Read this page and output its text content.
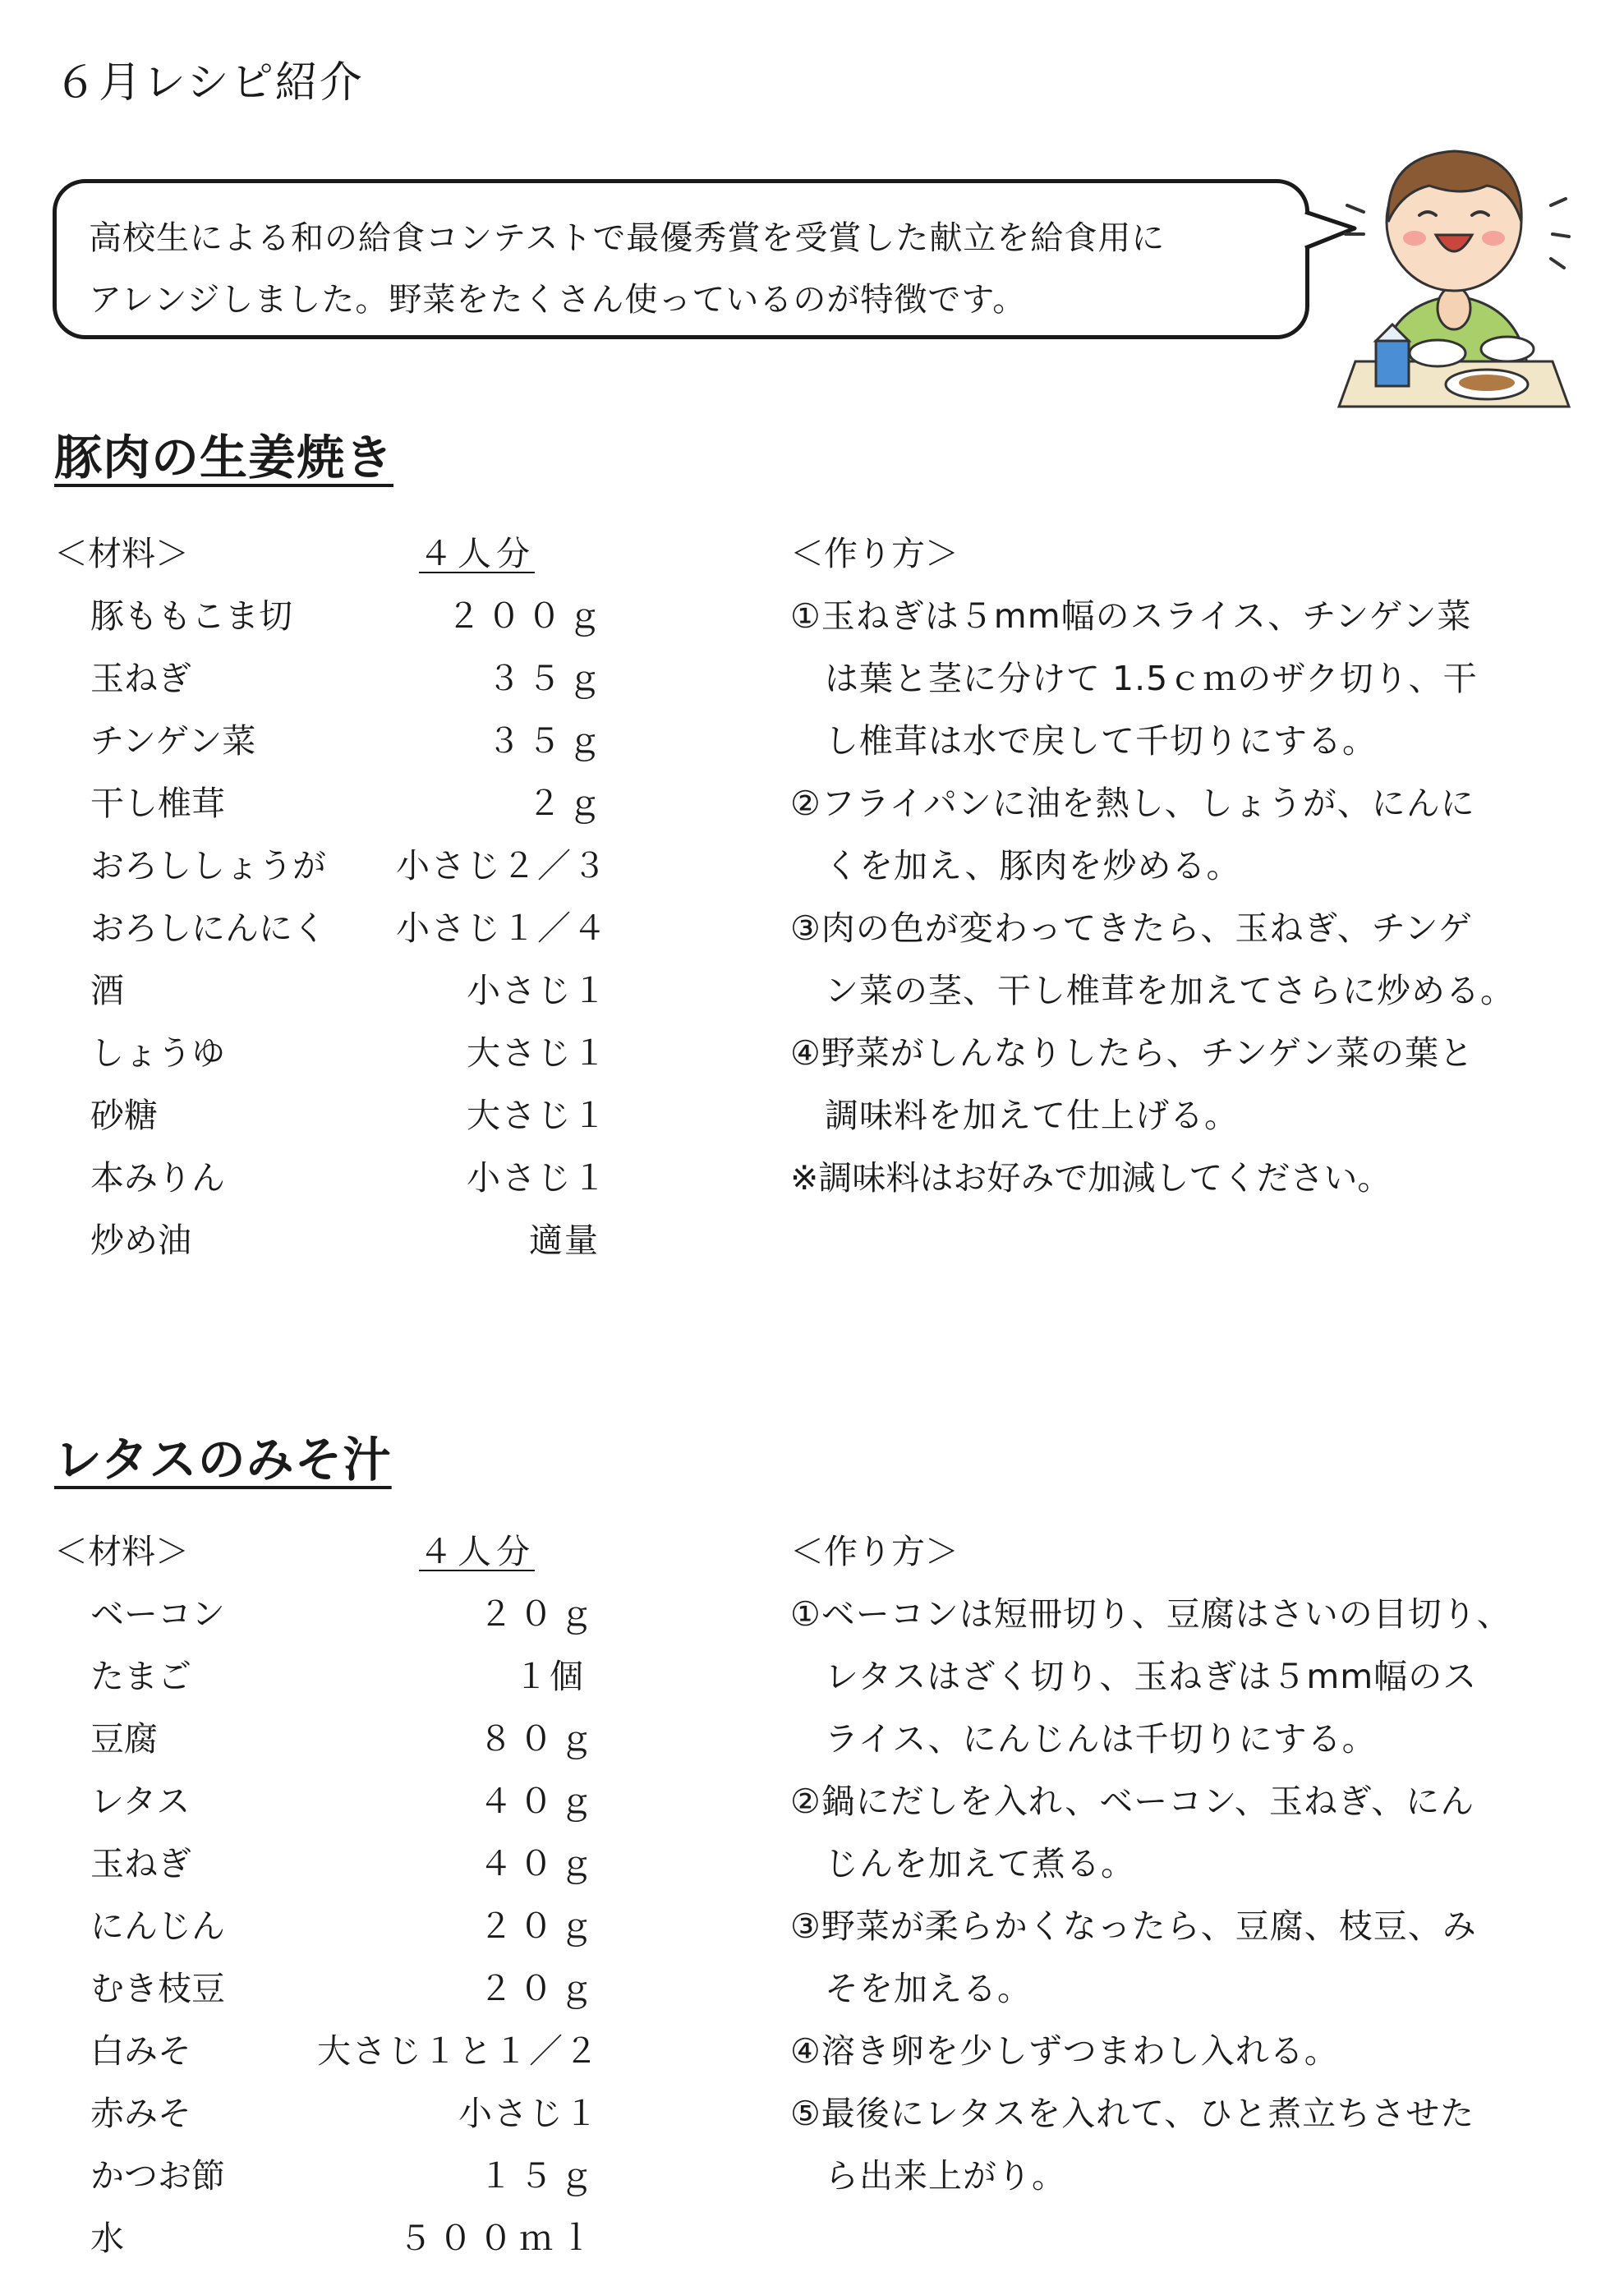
６月レシピ紹介
高校生による和の給食コンテストで最優秀賞を受賞した献立を給食用に
アレンジしました。野菜をたくさん使っているのが特徴です。
豚肉の生姜焼き
＜材料＞	４人分	＜作り方＞
豚ももこま切	２００ｇ
玉ねぎ	３５ｇ
チンゲン菜	３５ｇ
干し椎茸	２ｇ
おろししょうが	小さじ２／３
おろしにんにく	小さじ１／４
酒	小さじ１
しょうゆ	大さじ１
砂糖	大さじ１
本みりん	小さじ１
炒め油	適量
①玉ねぎは５mm幅のスライス、チンゲン菜
　は葉と茎に分けて 1.5ｃｍのザク切り、干
　し椎茸は水で戻して千切りにする。
②フライパンに油を熱し、しょうが、にんに
　くを加え、豚肉を炒める。
③肉の色が変わってきたら、玉ねぎ、チンゲ
　ン菜の茎、干し椎茸を加えてさらに炒める。
④野菜がしんなりしたら、チンゲン菜の葉と
　調味料を加えて仕上げる。
※調味料はお好みで加減してください。
レタスのみそ汁
＜材料＞	４人分	＜作り方＞
ベーコン	２０ｇ
たまご	１個
豆腐	８０ｇ
レタス	４０ｇ
玉ねぎ	４０ｇ
にんじん	２０ｇ
むき枝豆	２０ｇ
白みそ	大さじ１と１／２
赤みそ	小さじ１
かつお節	１５ｇ
水	５００ｍｌ
①ベーコンは短冊切り、豆腐はさいの目切り、
　レタスはざく切り、玉ねぎは５mm幅のス
　ライス、にんじんは千切りにする。
②鍋にだしを入れ、ベーコン、玉ねぎ、にん
　じんを加えて煮る。
③野菜が柔らかくなったら、豆腐、枝豆、み
　そを加える。
④溶き卵を少しずつまわし入れる。
⑤最後にレタスを入れて、ひと煮立ちさせた
　ら出来上がり。
